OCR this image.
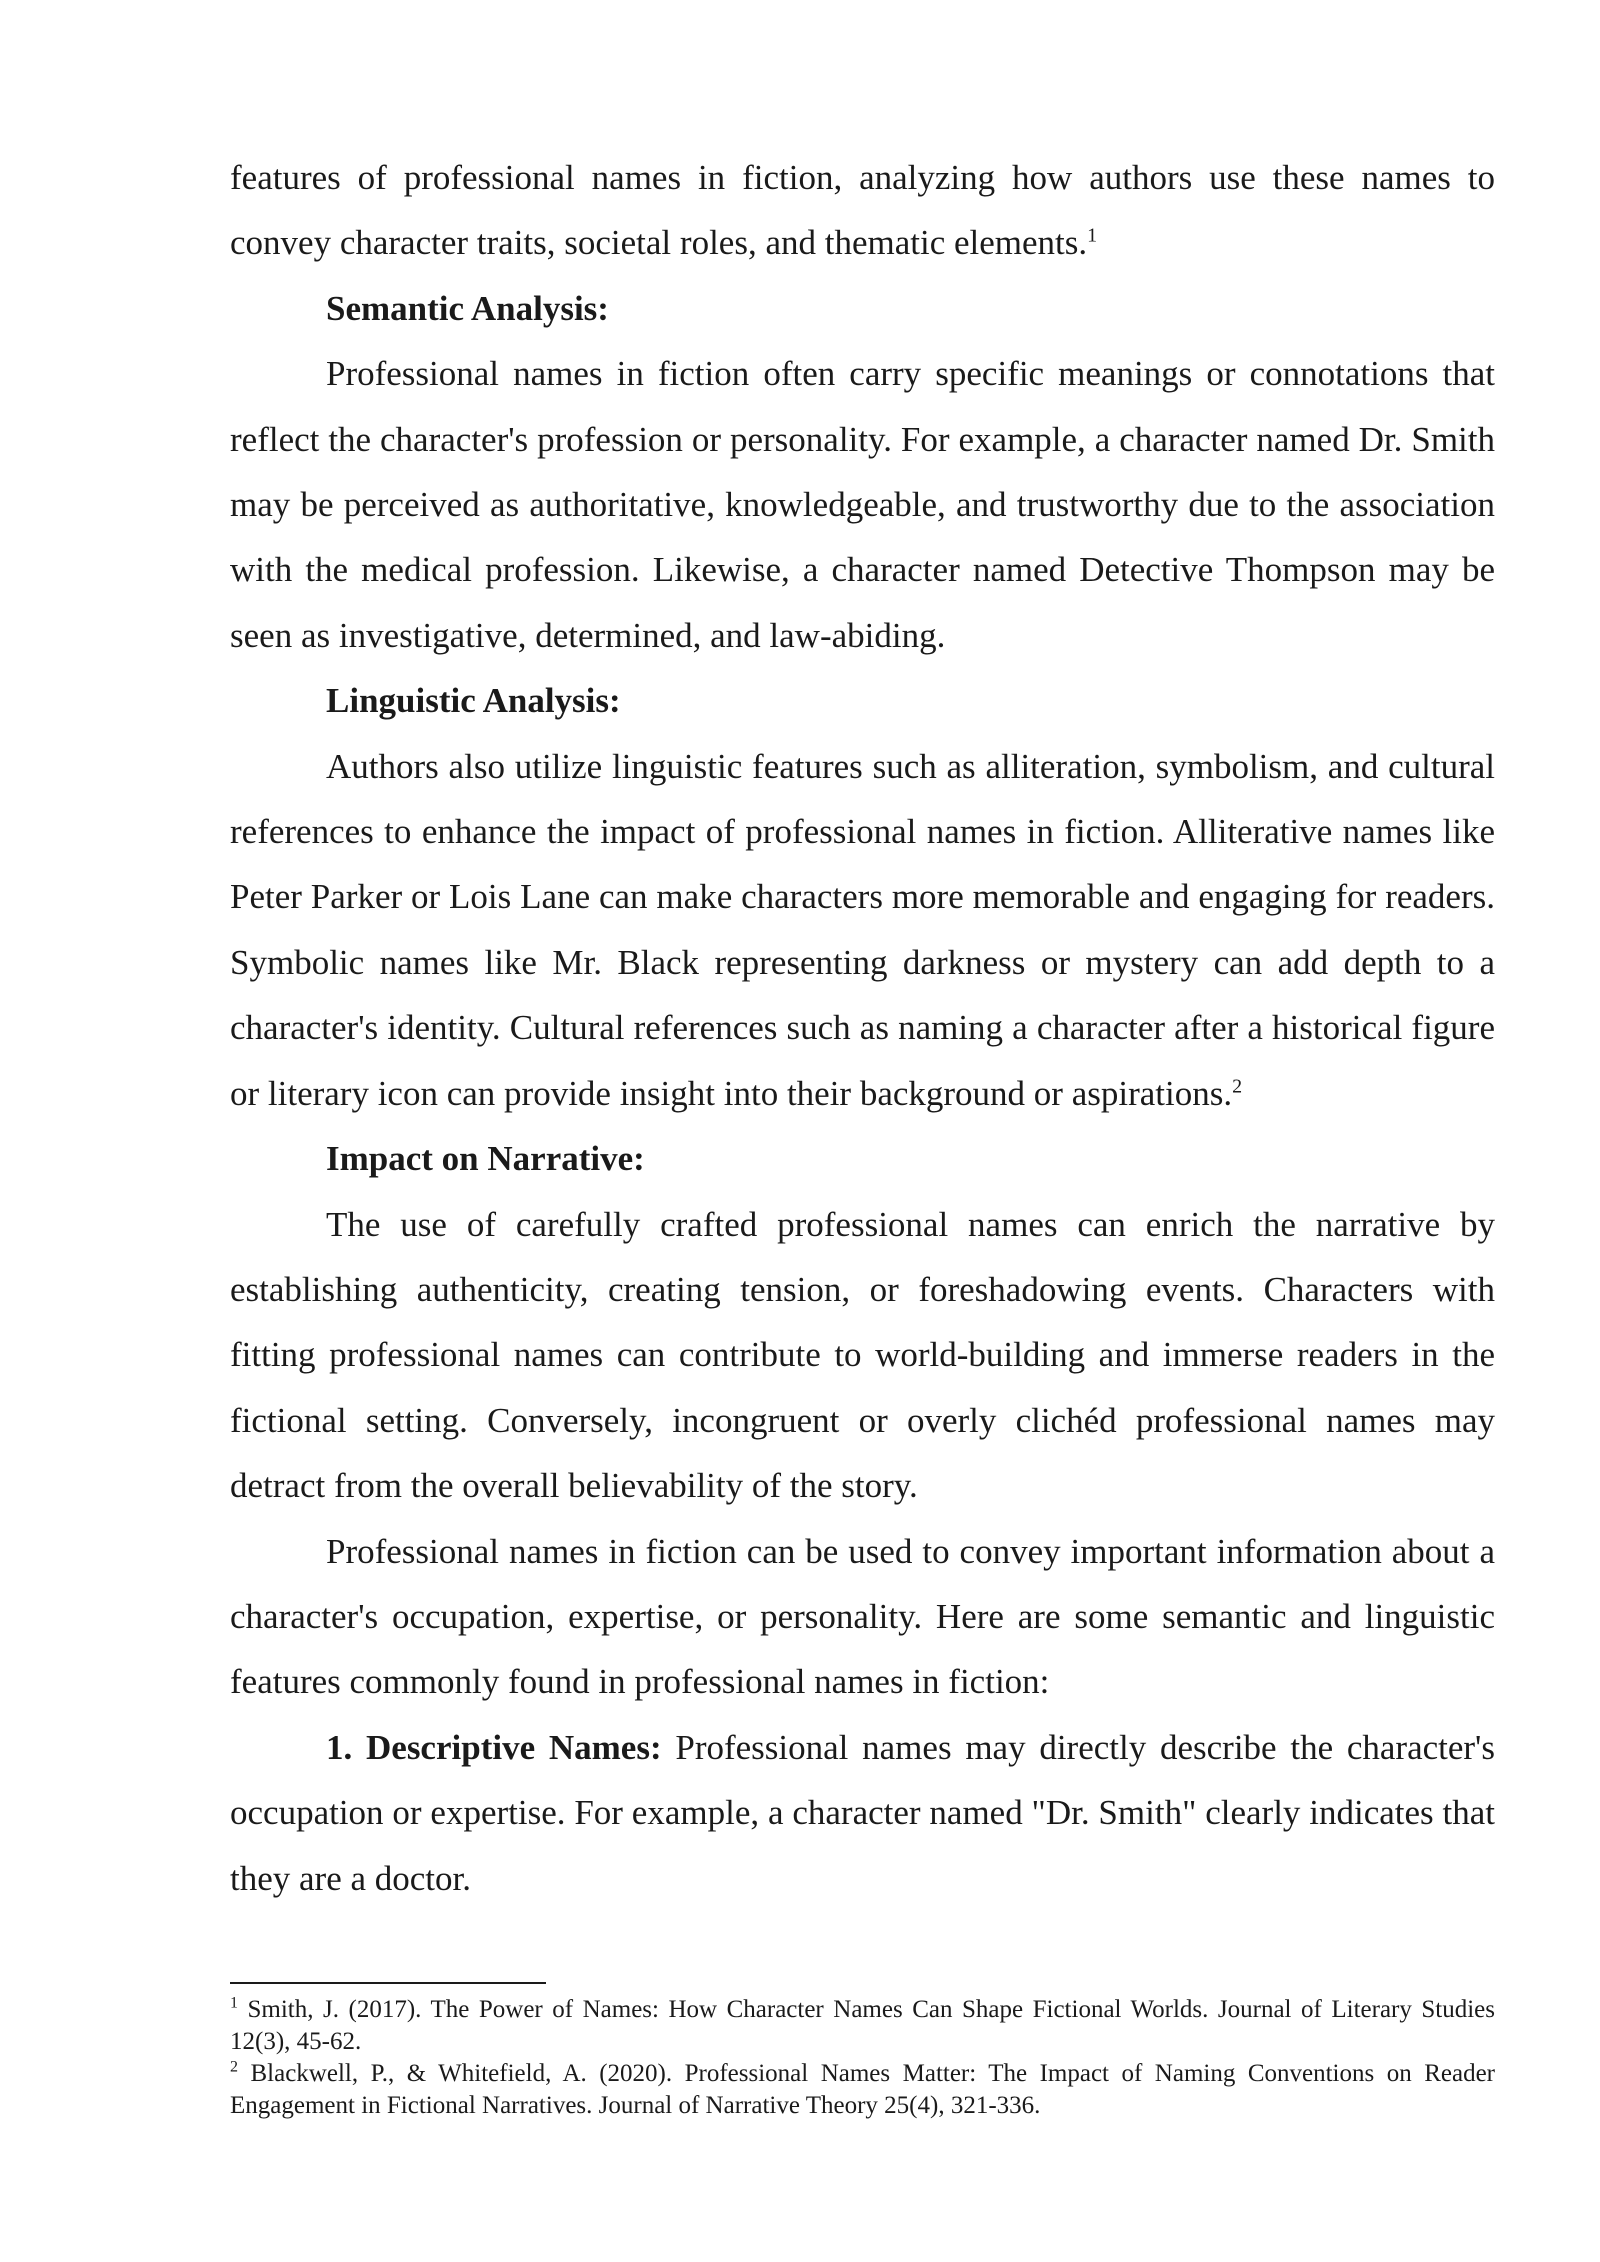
features of professional names in fiction, analyzing how authors use these names to convey character traits, societal roles, and thematic elements.$^1$

Semantic Analysis:

Professional names in fiction often carry specific meanings or connotations that reflect the character's profession or personality. For example, a character named Dr. Smith may be perceived as authoritative, knowledgeable, and trustworthy due to the association with the medical profession. Likewise, a character named Detective Thompson may be seen as investigative, determined, and law-abiding.

Linguistic Analysis:

Authors also utilize linguistic features such as alliteration, symbolism, and cultural references to enhance the impact of professional names in fiction. Alliterative names like Peter Parker or Lois Lane can make characters more memorable and engaging for readers. Symbolic names like Mr. Black representing darkness or mystery can add depth to a character's identity. Cultural references such as naming a character after a historical figure or literary icon can provide insight into their background or aspirations.$^2$

Impact on Narrative:

The use of carefully crafted professional names can enrich the narrative by establishing authenticity, creating tension, or foreshadowing events. Characters with fitting professional names can contribute to world-building and immerse readers in the fictional setting. Conversely, incongruent or overly clichéd professional names may detract from the overall believability of the story.

Professional names in fiction can be used to convey important information about a character's occupation, expertise, or personality. Here are some semantic and linguistic features commonly found in professional names in fiction:

1. Descriptive Names: Professional names may directly describe the character's occupation or expertise. For example, a character named "Dr. Smith" clearly indicates that they are a doctor.

$^1$ Smith, J. (2017). The Power of Names: How Character Names Can Shape Fictional Worlds. Journal of Literary Studies 12(3), 45-62.

$^2$ Blackwell, P., & Whitefield, A. (2020). Professional Names Matter: The Impact of Naming Conventions on Reader Engagement in Fictional Narratives. Journal of Narrative Theory 25(4), 321-336.
